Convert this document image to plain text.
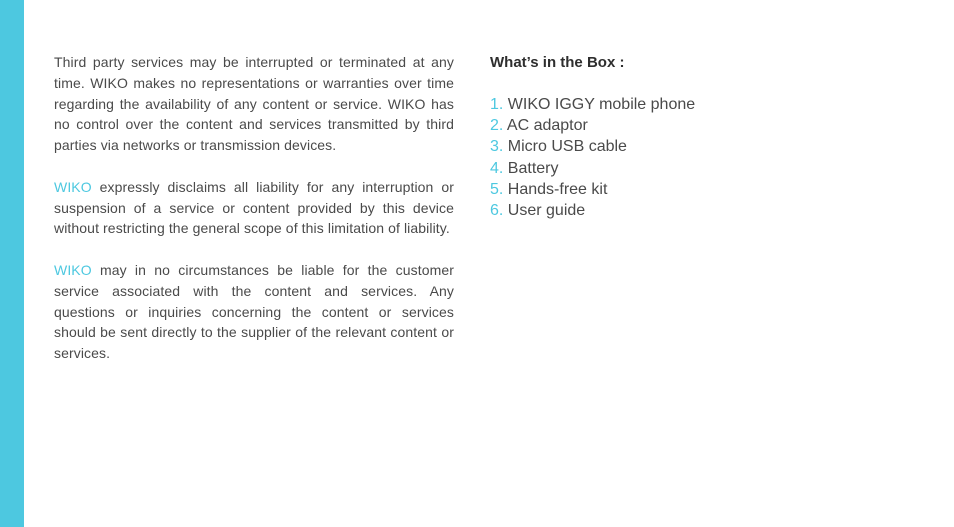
Third party services may be interrupted or terminated at any time. WIKO makes no representations or warranties over time regarding the availability of any content or service. WIKO has no control over the content and services transmitted by third parties via networks or transmission devices.

WIKO expressly disclaims all liability for any interruption or suspension of a service or content provided by this device without restricting the general scope of this limitation of liability.

WIKO may in no circumstances be liable for the customer service associated with the content and services. Any questions or inquiries concerning the content or services should be sent directly to the supplier of the relevant content or services.

What’s in the Box :
1. WIKO IGGY mobile phone
2. AC adaptor
3. Micro USB cable
4. Battery
5. Hands-free kit
6. User guide
